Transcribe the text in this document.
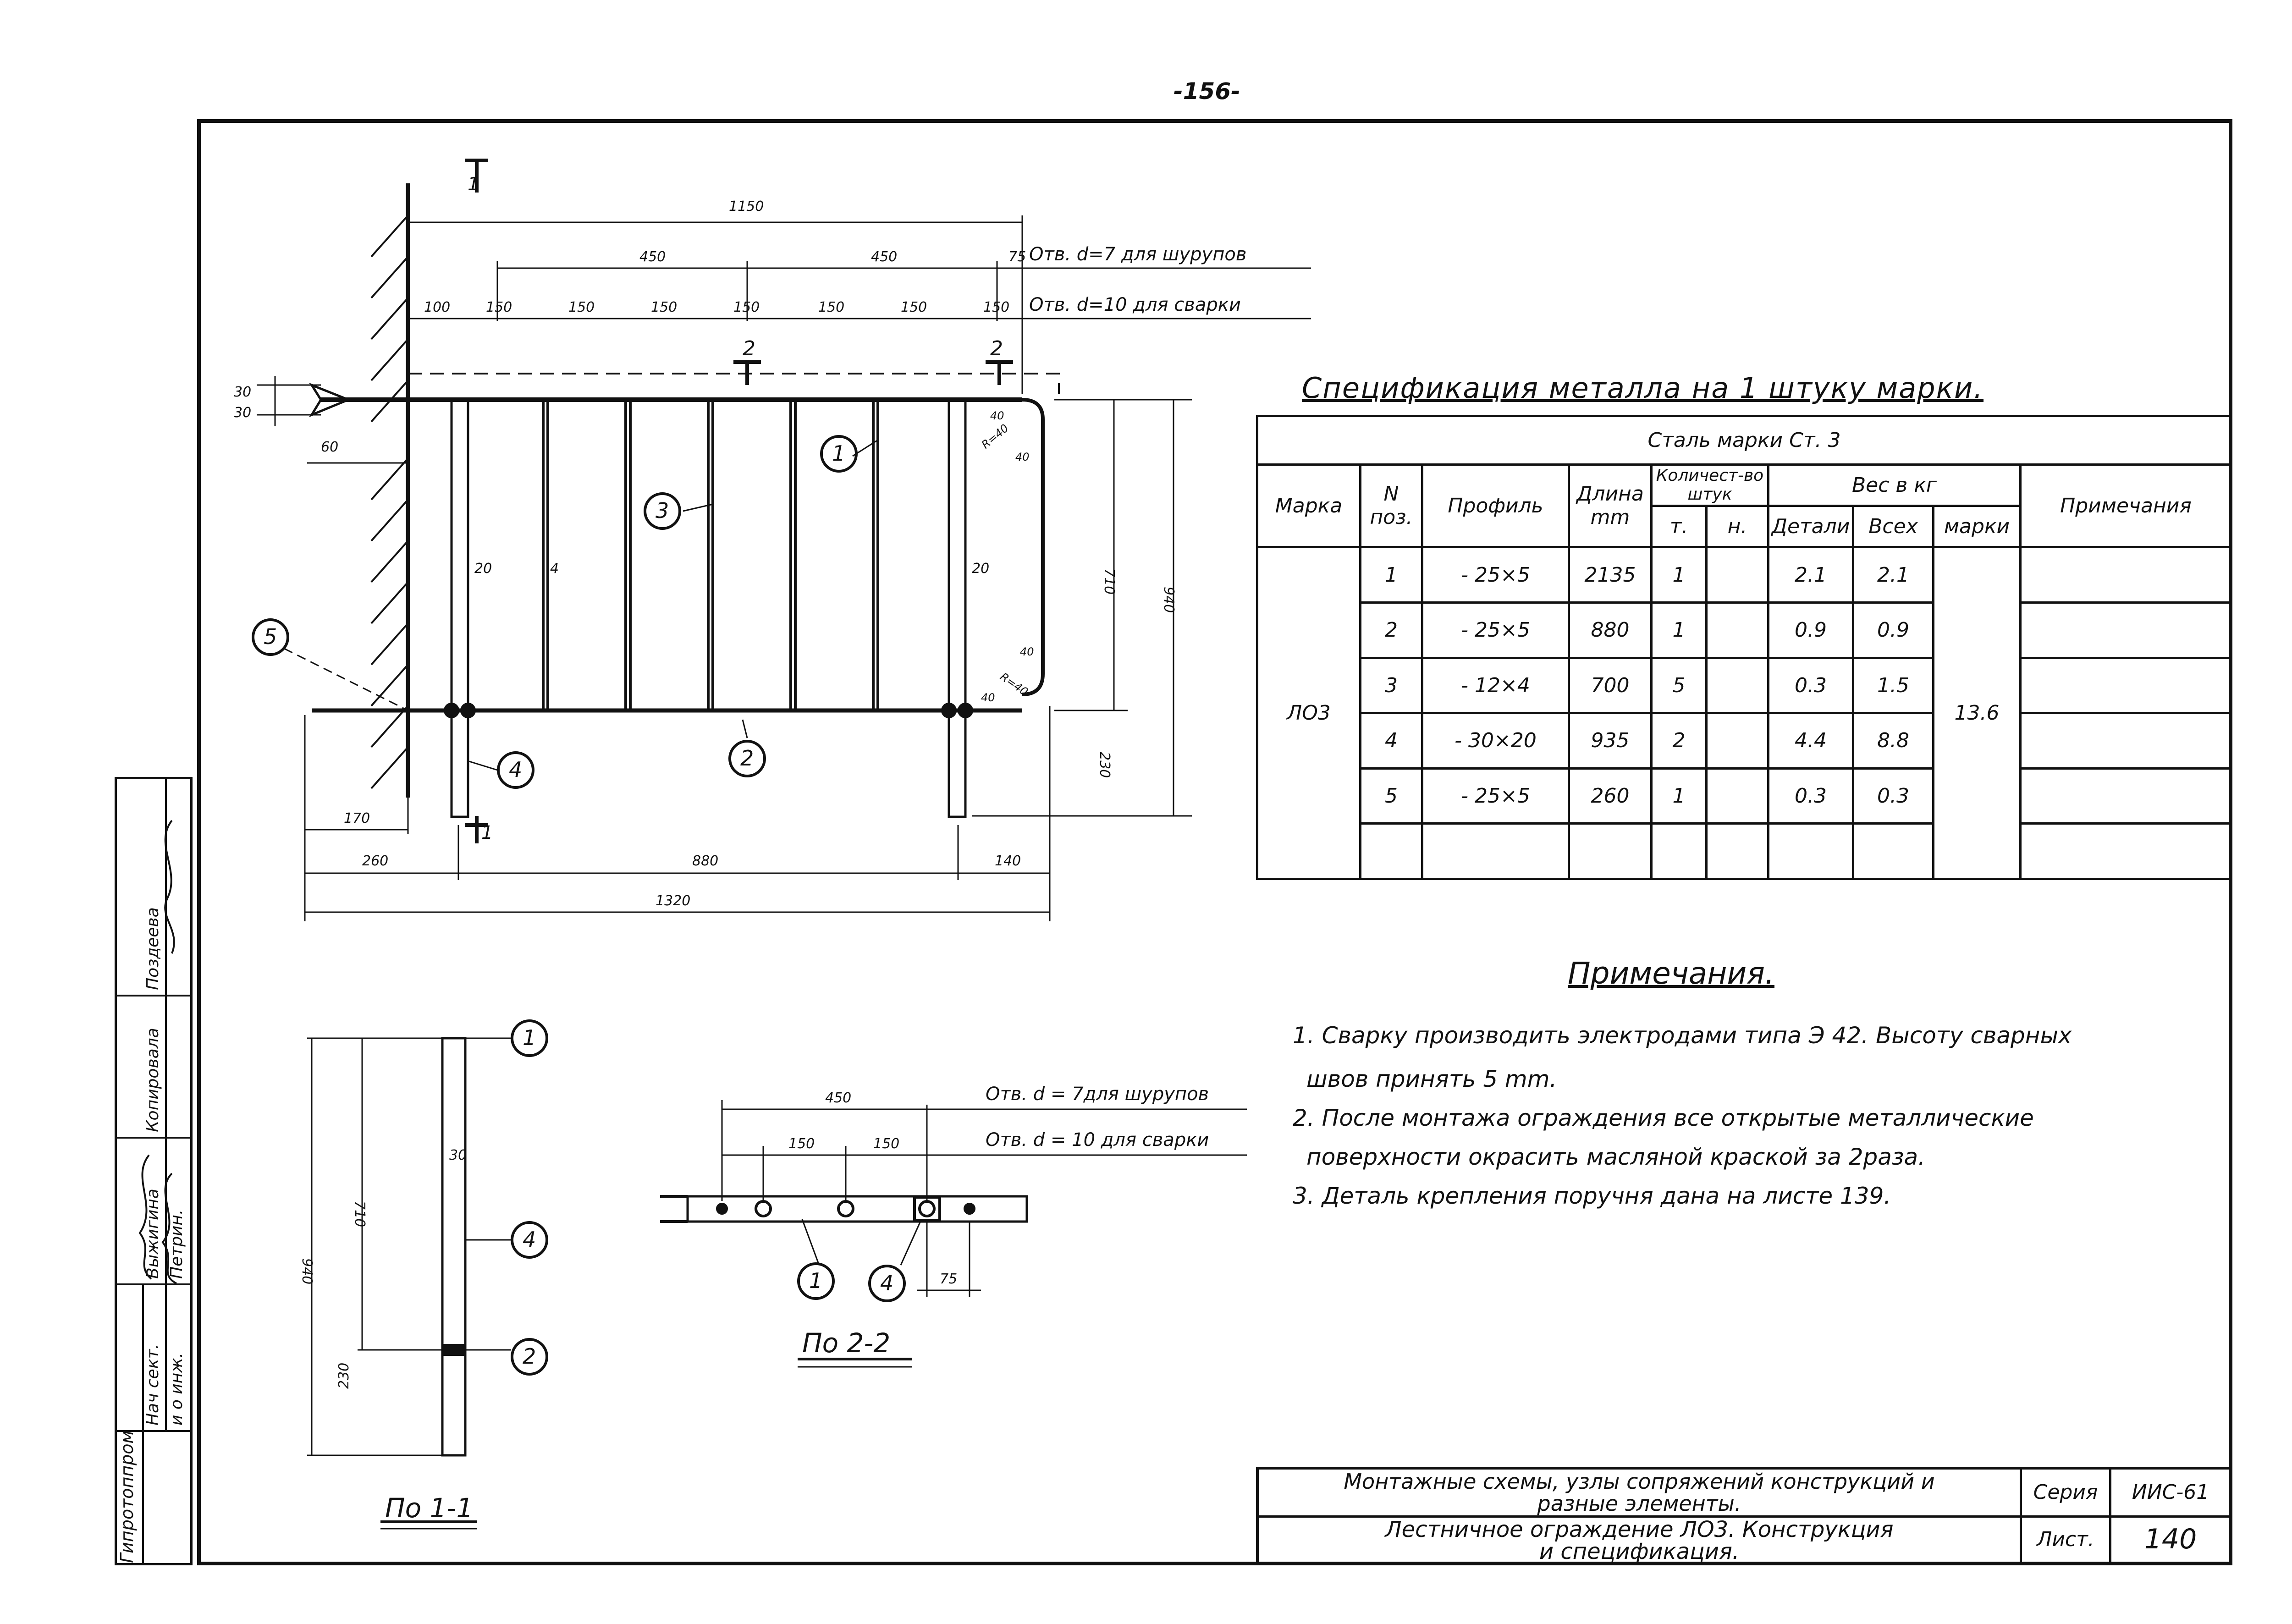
-156-
1150
450	450	75 Отв. d=7 для шурупов
Отв. d=10 для сварки
100	150	150	150	150	150	150	150
30
30
60
20	4	20	710
940
230
40
R=40
40
40
R=40
40
170
260	880	140
1320
1
1
2	2
5
3
1
4	2
710
940
230
30
1
4
2
По 1-1
450
150	150
75
Отв. d = 7для шурупов
Отв. d = 10 для сварки
1	4
По 2-2
Спецификация металла на 1 штуку марки.
Сталь марки Ст. 3									
Марка	N поз.	Профиль	Длина mm	Количест-во штук		Вес в кг			Примечания
				т.	н.	Детали	Всех	марки	
ЛО3	1	- 25×5	2135	1		2.1	2.1	13.6	
	2	- 25×5	880	1		0.9	0.9		
	3	- 12×4	700	5		0.3	1.5		
	4	- 30×20	935	2		4.4	8.8		
	5	- 25×5	260	1		0.3	0.3		

Примечания.
1. Сварку производить электродами типа Э 42. Высоту сварных
швов принять 5 mm.
2. После монтажа ограждения все открытые металлические
поверхности окрасить масляной краской за 2раза.
3. Деталь крепления поручня дана на листе 139.
Монтажные схемы, узлы сопряжений конструкций и
разные элементы.	Серия	ИИС-61
Лестничное ограждение ЛО3. Конструкция
и спецификация.	Лист.	140
Гипротоппром
Нач сект. и о инж.
Выжигина Петрин.
Копировала
Поздеева
